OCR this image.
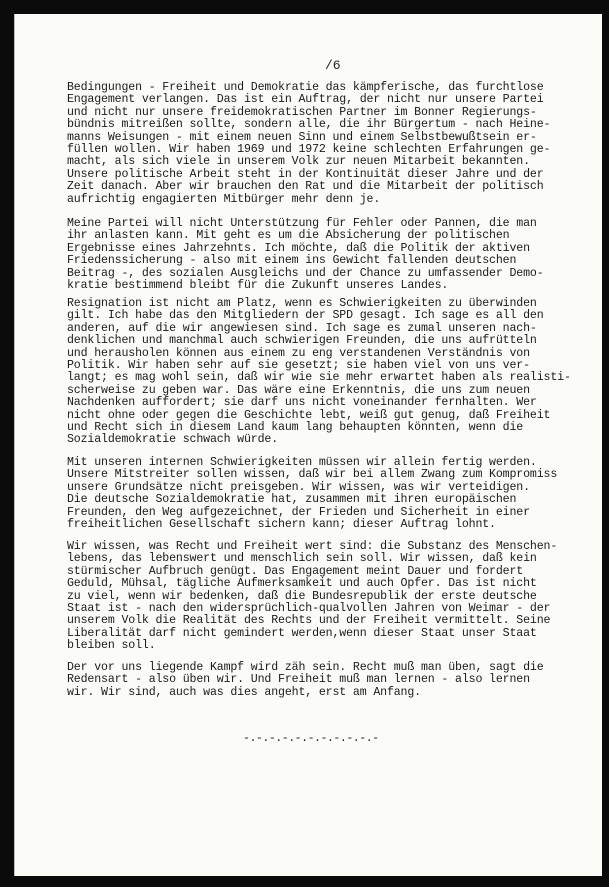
/6
Bedingungen - Freiheit und Demokratie das kämpferische, das furchtlose
Engagement verlangen. Das ist ein Auftrag, der nicht nur unsere Partei
und nicht nur unsere freidemokratischen Partner im Bonner Regierungs-
bündnis mitreißen sollte, sondern alle, die ihr Bürgertum - nach Heine-
manns Weisungen - mit einem neuen Sinn und einem Selbstbewußtsein er-
füllen wollen. Wir haben 1969 und 1972 keine schlechten Erfahrungen ge-
macht, als sich viele in unserem Volk zur neuen Mitarbeit bekannten.
Unsere politische Arbeit steht in der Kontinuität dieser Jahre und der
Zeit danach. Aber wir brauchen den Rat und die Mitarbeit der politisch
aufrichtig engagierten Mitbürger mehr denn je.
Meine Partei will nicht Unterstützung für Fehler oder Pannen, die man
ihr anlasten kann. Mit geht es um die Absicherung der politischen
Ergebnisse eines Jahrzehnts. Ich möchte, daß die Politik der aktiven
Friedenssicherung - also mit einem ins Gewicht fallenden deutschen
Beitrag -, des sozialen Ausgleichs und der Chance zu umfassender Demo-
kratie bestimmend bleibt für die Zukunft unseres Landes.
Resignation ist nicht am Platz, wenn es Schwierigkeiten zu überwinden
gilt. Ich habe das den Mitgliedern der SPD gesagt. Ich sage es all den
anderen, auf die wir angewiesen sind. Ich sage es zumal unseren nach-
denklichen und manchmal auch schwierigen Freunden, die uns aufrütteln
und herausholen können aus einem zu eng verstandenen Verständnis von
Politik. Wir haben sehr auf sie gesetzt; sie haben viel von uns ver-
langt; es mag wohl sein, daß wir wie sie mehr erwartet haben als realisti-
scherweise zu geben war. Das wäre eine Erkenntnis, die uns zum neuen
Nachdenken auffordert; sie darf uns nicht voneinander fernhalten. Wer
nicht ohne oder gegen die Geschichte lebt, weiß gut genug, daß Freiheit
und Recht sich in diesem Land kaum lang behaupten könnten, wenn die
Sozialdemokratie schwach würde.
Mit unseren internen Schwierigkeiten müssen wir allein fertig werden.
Unsere Mitstreiter sollen wissen, daß wir bei allem Zwang zum Kompromiss
unsere Grundsätze nicht preisgeben. Wir wissen, was wir verteidigen.
Die deutsche Sozialdemokratie hat, zusammen mit ihren europäischen
Freunden, den Weg aufgezeichnet, der Frieden und Sicherheit in einer
freiheitlichen Gesellschaft sichern kann; dieser Auftrag lohnt.
Wir wissen, was Recht und Freiheit wert sind: die Substanz des Menschen-
lebens, das lebenswert und menschlich sein soll. Wir wissen, daß kein
stürmischer Aufbruch genügt. Das Engagement meint Dauer und fordert
Geduld, Mühsal, tägliche Aufmerksamkeit und auch Opfer. Das ist nicht
zu viel, wenn wir bedenken, daß die Bundesrepublik der erste deutsche
Staat ist - nach den widersprüchlich-qualvollen Jahren von Weimar - der
unserem Volk die Realität des Rechts und der Freiheit vermittelt. Seine
Liberalität darf nicht gemindert werden,wenn dieser Staat unser Staat
bleiben soll.
Der vor uns liegende Kampf wird zäh sein. Recht muß man üben, sagt die
Redensart - also üben wir. Und Freiheit muß man lernen - also lernen
wir. Wir sind, auch was dies angeht, erst am Anfang.
-.-.-.-.-.-.-.-.-.-.-
